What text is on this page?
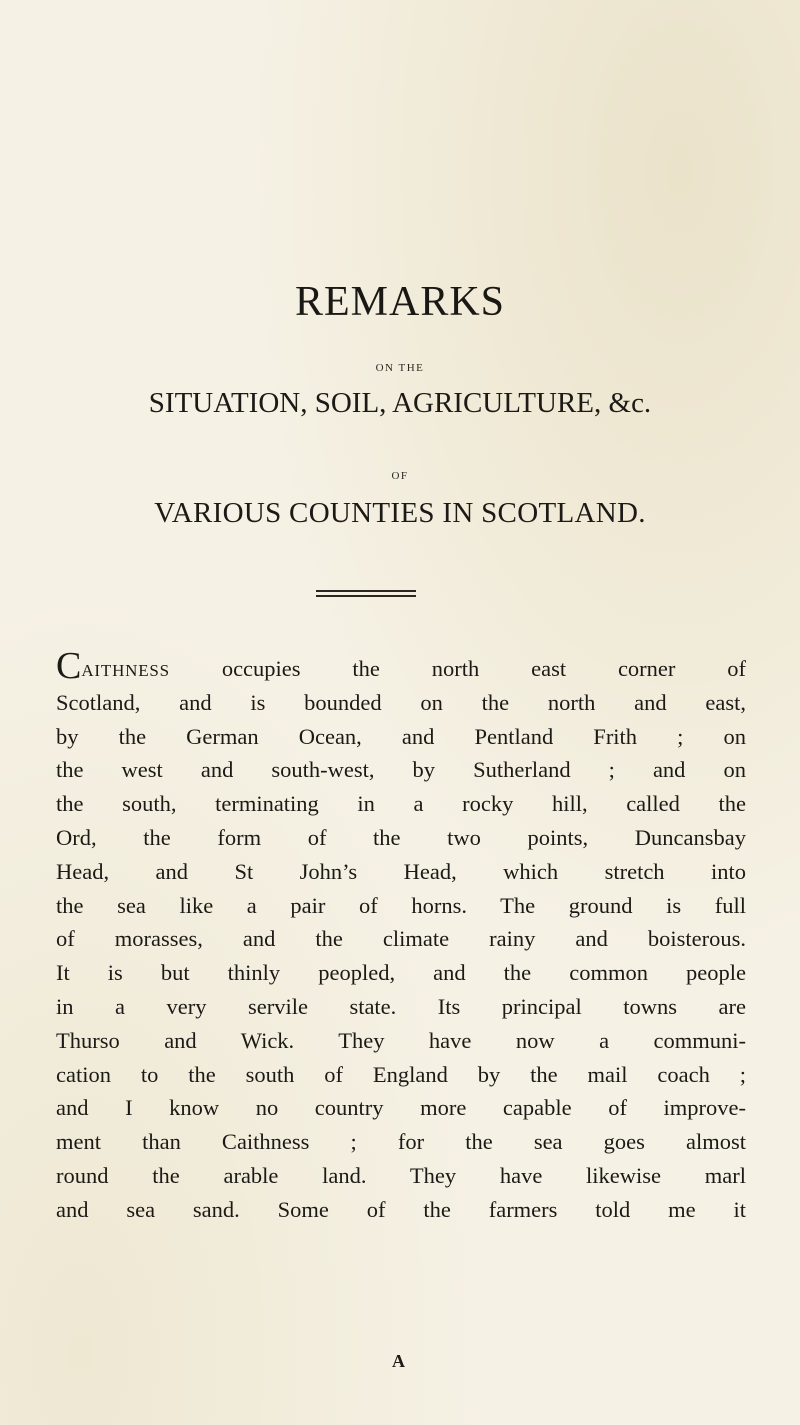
REMARKS
ON THE
SITUATION, SOIL, AGRICULTURE, &c.
OF
VARIOUS COUNTIES IN SCOTLAND.
CAITHNESS occupies the north east corner of
Scotland, and is bounded on the north and east,
by the German Ocean, and Pentland Frith ; on
the west and south-west, by Sutherland ; and on
the south, terminating in a rocky hill, called the
Ord, the form of the two points, Duncansbay
Head, and St John’s Head, which stretch into
the sea like a pair of horns. The ground is full
of morasses, and the climate rainy and boisterous.
It is but thinly peopled, and the common people
in a very servile state. Its principal towns are
Thurso and Wick. They have now a communi-
cation to the south of England by the mail coach ;
and I know no country more capable of improve-
ment than Caithness ; for the sea goes almost
round the arable land. They have likewise marl
and sea sand. Some of the farmers told me it
A
